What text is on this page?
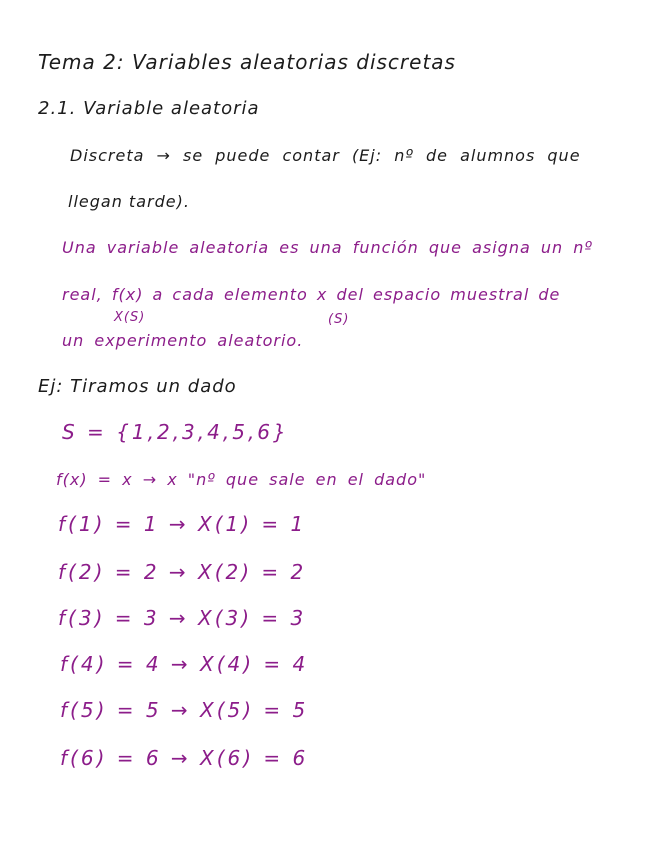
Tema 2: Variables aleatorias discretas
2.1. Variable aleatoria
Discreta → se puede contar (Ej: nº de alumnos que
llegan tarde).
Una variable aleatoria es una función que asigna un nº
real, f(x) a cada elemento x del espacio muestral de
X(S)	(S)
un experimento aleatorio.
Ej: Tiramos un dado
S = {1,2,3,4,5,6}
f(x) = x → x "nº que sale en el dado"
f(1) = 1 → X(1) = 1
f(2) = 2 → X(2) = 2
f(3) = 3 → X(3) = 3
f(4) = 4 → X(4) = 4
f(5) = 5 → X(5) = 5
f(6) = 6 → X(6) = 6
